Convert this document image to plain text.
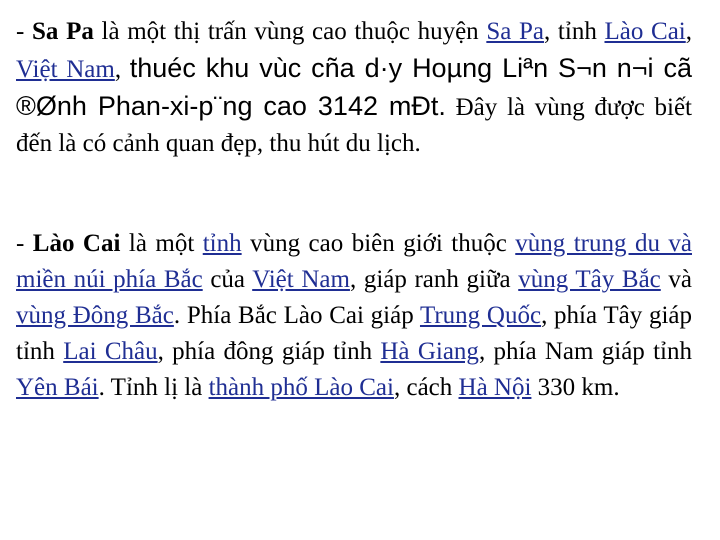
- Sa Pa là một thị trấn vùng cao thuộc huyện Sa Pa, tỉnh Lào Cai, Việt Nam, thuéc khu vùc cña d·y Hoµng Liªn S¬n n¬i cã ®Ønh Phan-xi-p¨ng cao 3142 mÐt. Đây là vùng được biết đến là có cảnh quan đẹp, thu hút du lịch.
- Lào Cai là một tỉnh vùng cao biên giới thuộc vùng trung du và miền núi phía Bắc của Việt Nam, giáp ranh giữa vùng Tây Bắc và vùng Đông Bắc. Phía Bắc Lào Cai giáp Trung Quốc, phía Tây giáp tỉnh Lai Châu, phía đông giáp tỉnh Hà Giang, phía Nam giáp tỉnh Yên Bái. Tỉnh lị là thành phố Lào Cai, cách Hà Nội 330 km.
